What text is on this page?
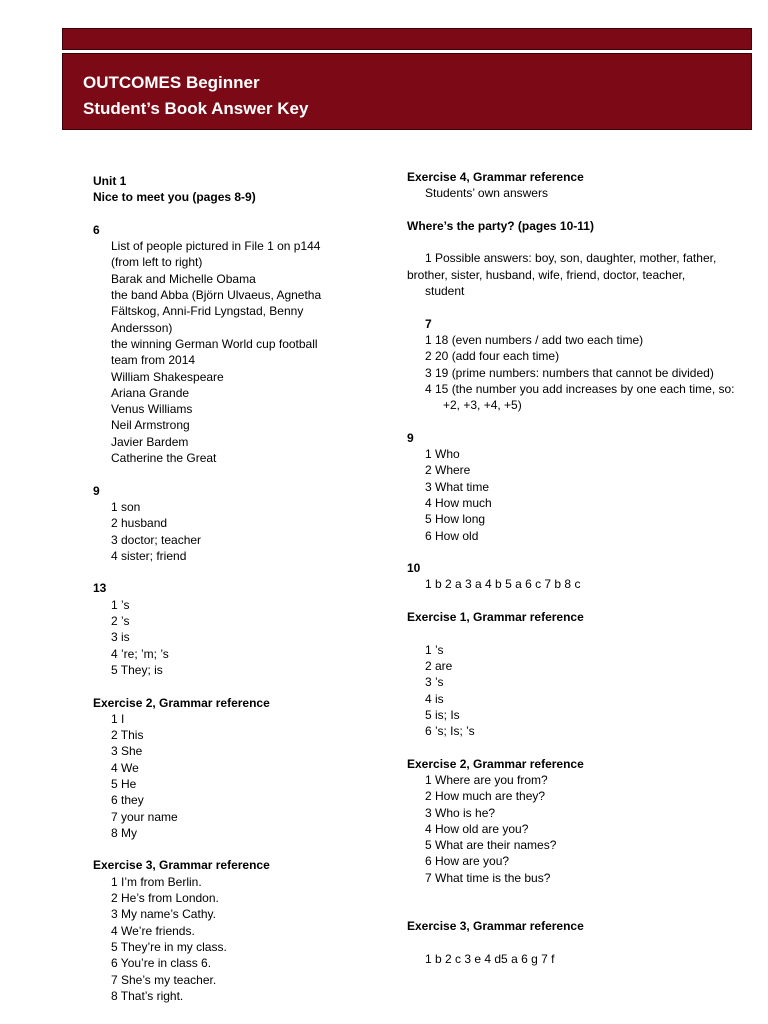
OUTCOMES Beginner
Student’s Book Answer Key
Unit 1
Nice to meet you (pages 8-9)
6
List of people pictured in File 1 on p144
(from left to right)
Barak and Michelle Obama
the band Abba (Björn Ulvaeus, Agnetha
Fältskog, Anni-Frid Lyngstad, Benny
Andersson)
the winning German World cup football
team from 2014
William Shakespeare
Ariana Grande
Venus Williams
Neil Armstrong
Javier Bardem
Catherine the Great
9
1 son
2 husband
3 doctor; teacher
4 sister; friend
13
1 ’s
2 ’s
3 is
4 ’re; ’m; ’s
5 They; is
Exercise 2, Grammar reference
1 I
2 This
3 She
4 We
5 He
6 they
7 your name
8 My
Exercise 3, Grammar reference
1 I’m from Berlin.
2 He’s from London.
3 My name’s Cathy.
4 We’re friends.
5 They’re in my class.
6 You’re in class 6.
7 She’s my teacher.
8 That’s right.
Exercise 4, Grammar reference
Students’ own answers
Where’s the party? (pages 10-11)
1 Possible answers: boy, son, daughter, mother, father,
brother, sister, husband, wife, friend, doctor, teacher,
student
7
1 18 (even numbers / add two each time)
2 20 (add four each time)
3 19 (prime numbers: numbers that cannot be divided)
4 15 (the number you add increases by one each time, so:
+2, +3, +4, +5)
9
1 Who
2 Where
3 What time
4 How much
5 How long
6 How old
10
1 b 2 a 3 a 4 b 5 a 6 c 7 b 8 c
Exercise 1, Grammar reference
1 ’s
2 are
3 ’s
4 is
5 is; Is
6 ’s; Is; ’s
Exercise 2, Grammar reference
1 Where are you from?
2 How much are they?
3 Who is he?
4 How old are you?
5 What are their names?
6 How are you?
7 What time is the bus?
Exercise 3, Grammar reference
1 b 2 c 3 e 4 d5 a 6 g 7 f
